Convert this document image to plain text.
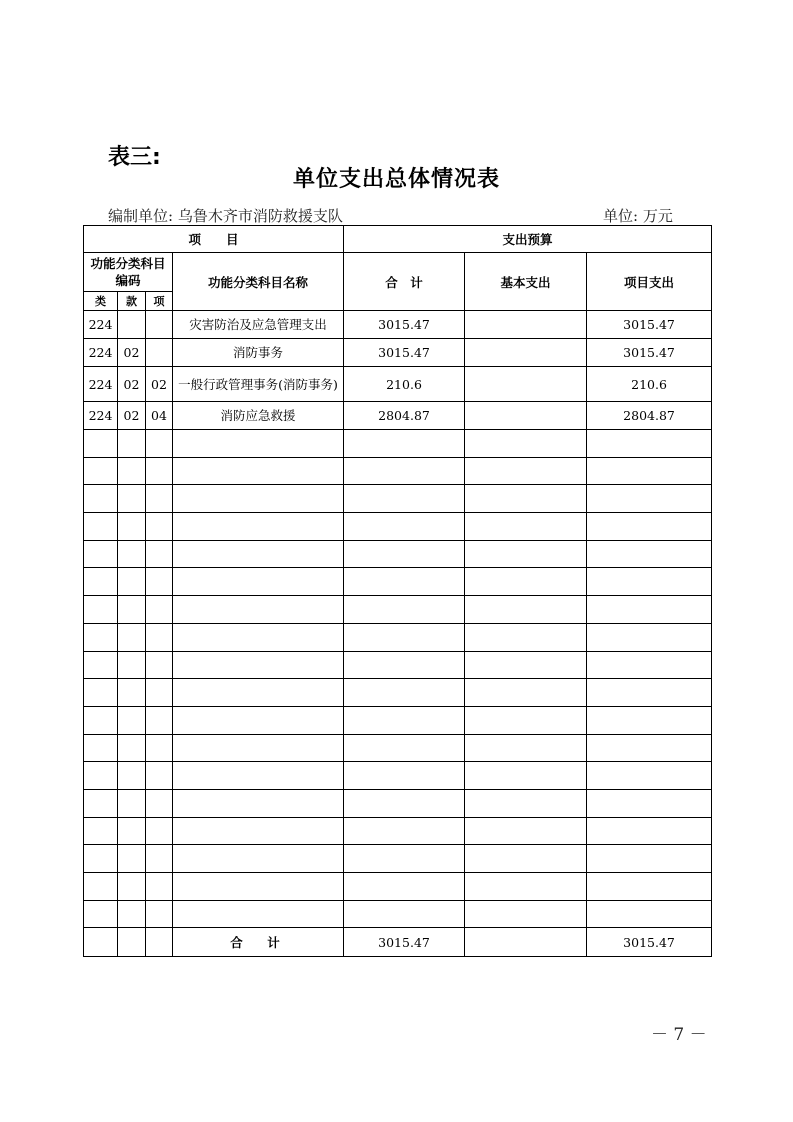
表三:
单位支出总体情况表
编制单位: 乌鲁木齐市消防救援支队	单位: 万元
项　　目				支出预算		
功能分类科目编码			功能分类科目名称	合　计	基本支出	项目支出
类	款	项				
224			灾害防治及应急管理支出	3015.47		3015.47
224	02		消防事务	3015.47		3015.47
224	02	02	一般行政管理事务(消防事务)	210.6		210.6
224	02	04	消防应急救援	2804.87		2804.87

			合　计	3015.47		3015.47
－ 7 －
